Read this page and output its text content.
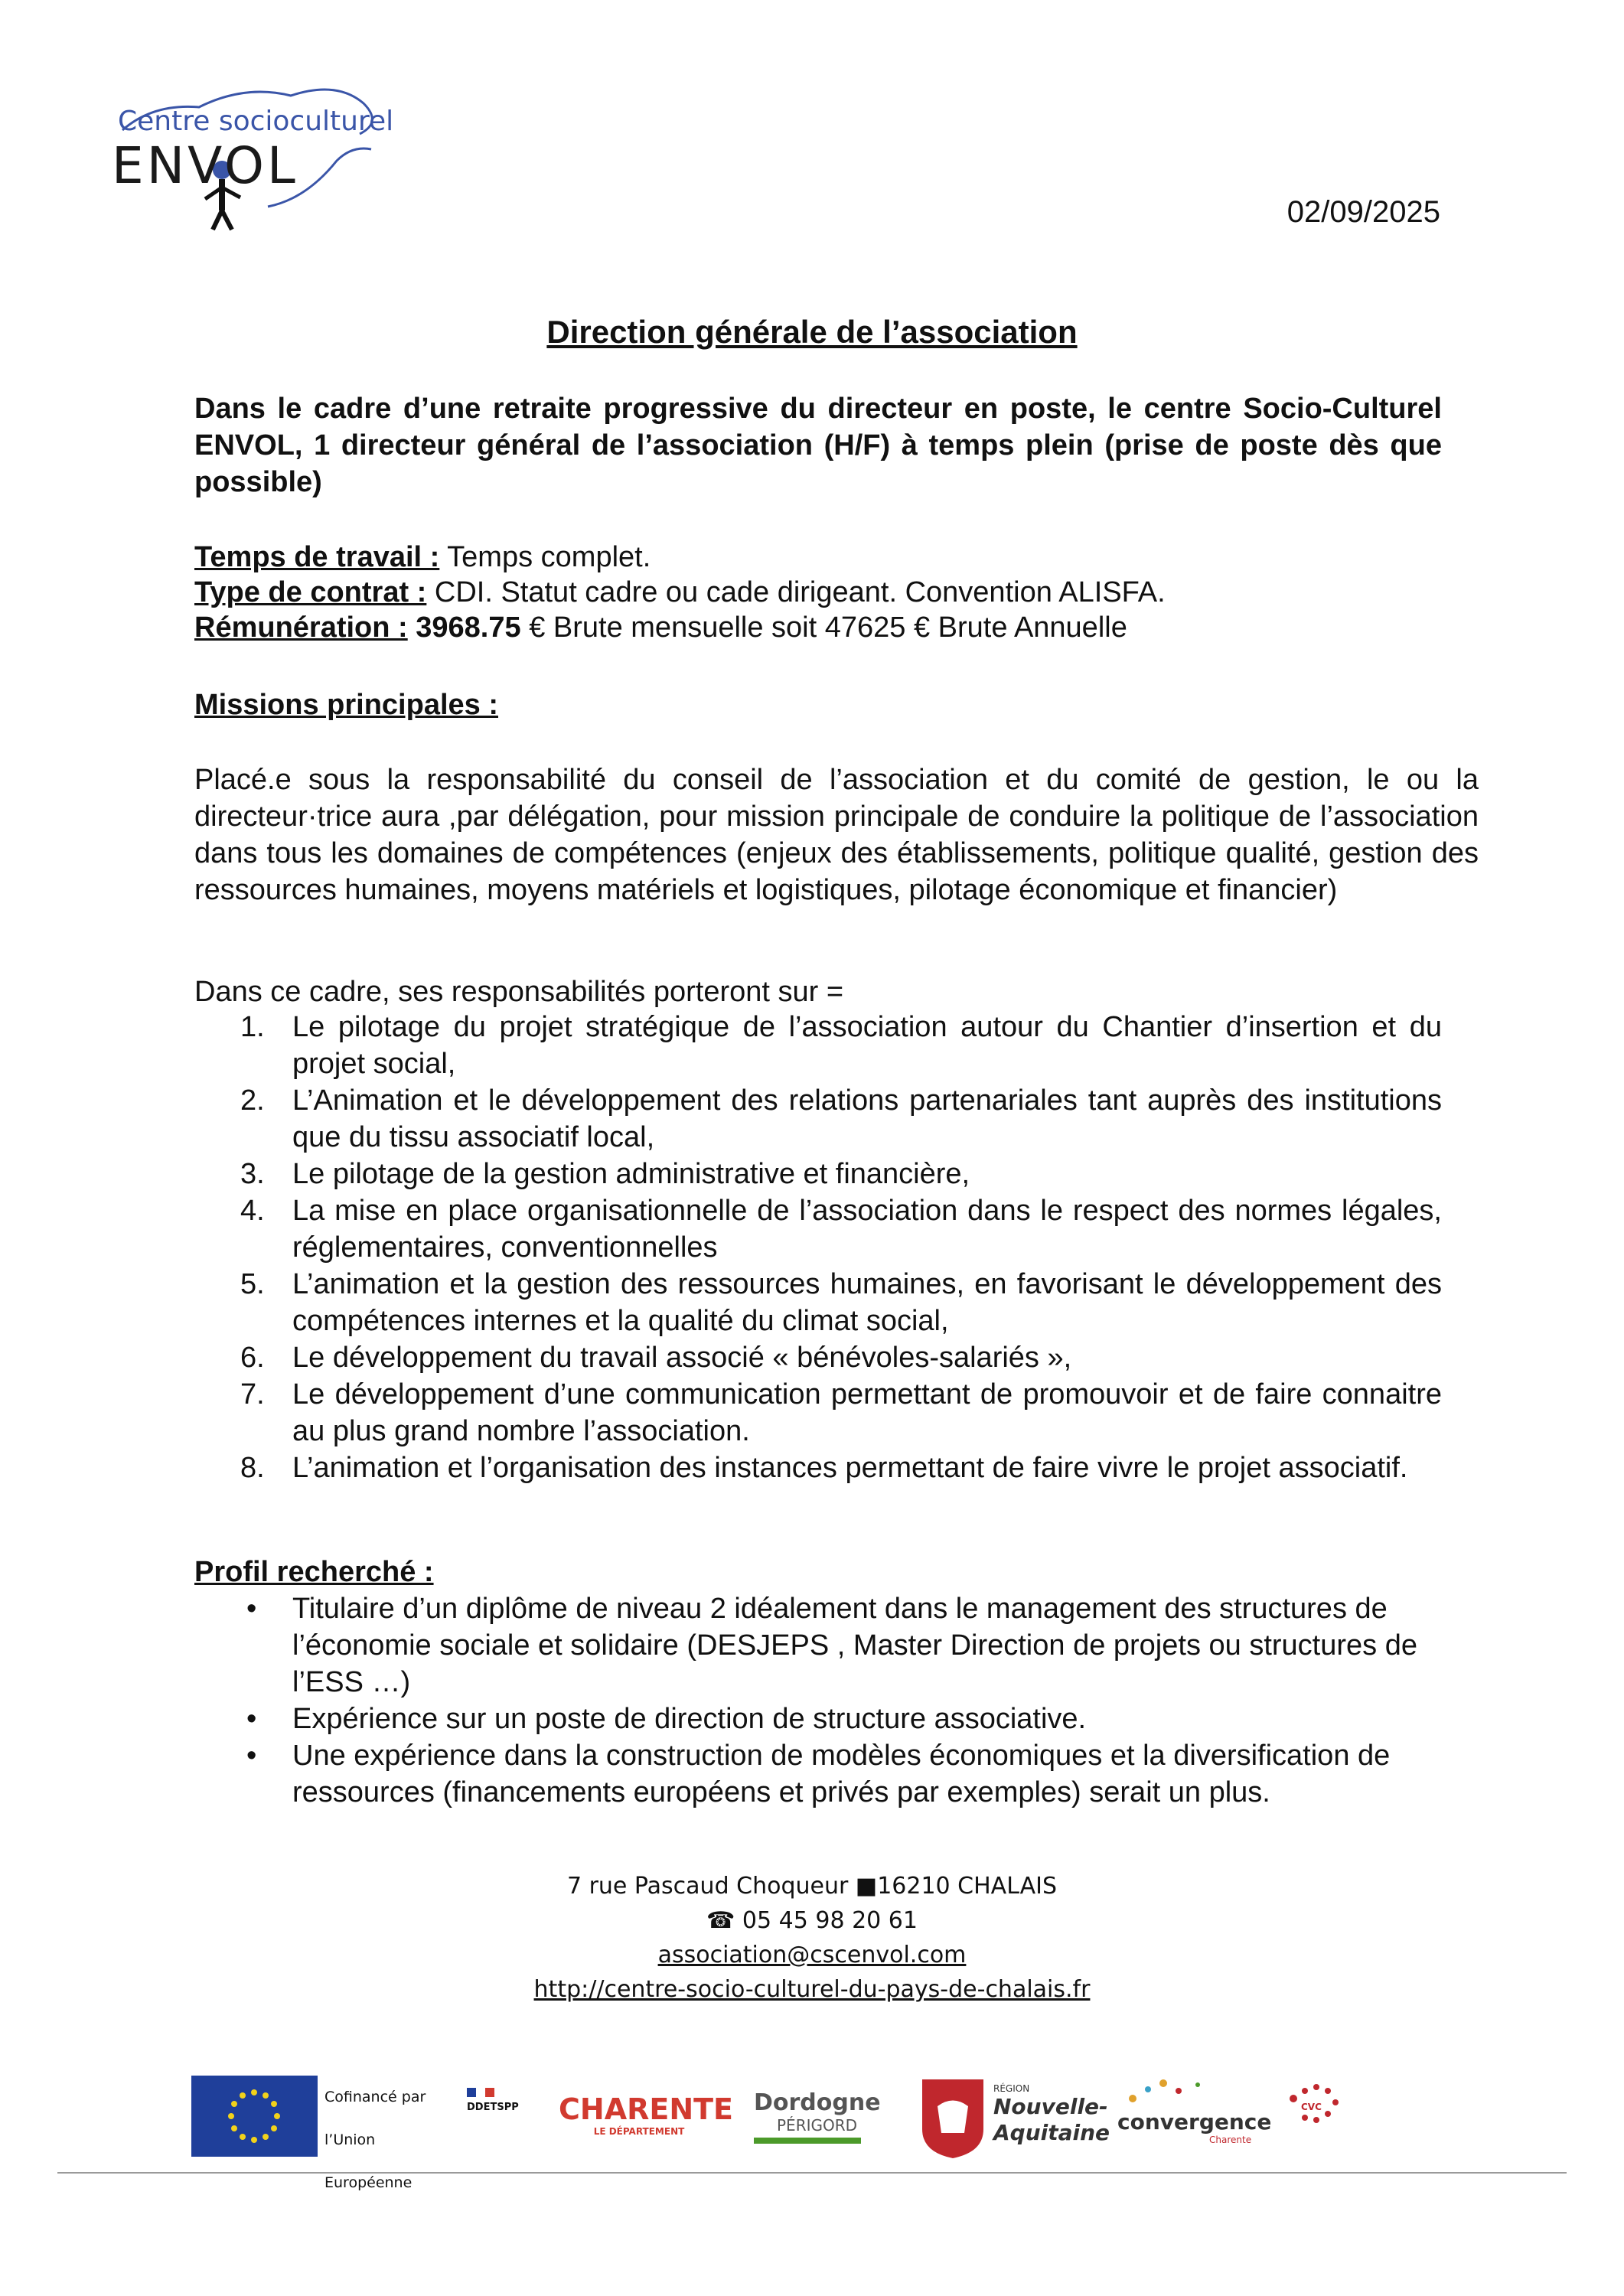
Centre socioculturel
ENVOL
02/09/2025
Direction générale de l’association
Dans le cadre d’une retraite progressive du directeur en poste, le centre Socio-Culturel ENVOL, 1 directeur général de l’association (H/F) à temps plein (prise de poste dès que possible)
Temps de travail : Temps complet.
Type de contrat : CDI. Statut cadre ou cade dirigeant. Convention ALISFA.
Rémunération : 3968.75 € Brute mensuelle soit 47625 € Brute Annuelle
Missions principales :
Placé.e sous la responsabilité du conseil de l’association et du comité de gestion, le ou la directeur·trice aura ,par délégation, pour mission principale de conduire la politique de l’association dans tous les domaines de compétences (enjeux des établissements, politique qualité, gestion des ressources humaines, moyens matériels et logistiques, pilotage économique et financier)
Dans ce cadre, ses responsabilités porteront sur =
1. Le pilotage du projet stratégique de l’association autour du Chantier d’insertion et du projet social,
2. L’Animation et le développement des relations partenariales tant auprès des institutions que du tissu associatif local,
3. Le pilotage de la gestion administrative et financière,
4. La mise en place organisationnelle de l’association dans le respect des normes légales, réglementaires, conventionnelles
5. L’animation et la gestion des ressources humaines, en favorisant le développement des compétences internes et la qualité du climat social,
6. Le développement du travail associé « bénévoles-salariés »,
7. Le développement d’une communication permettant de promouvoir et de faire connaitre au plus grand nombre l’association.
8. L’animation et l’organisation des instances permettant de faire vivre le projet associatif.
Profil recherché :
• Titulaire d’un diplôme de niveau 2 idéalement dans le management des structures de l’économie sociale et solidaire (DESJEPS , Master Direction de projets ou structures de l’ESS …)
• Expérience sur un poste de direction de structure associative.
• Une expérience dans la construction de modèles économiques et la diversification de ressources (financements européens et privés par exemples) serait un plus.
7 rue Pascaud Choqueur ■16210 CHALAIS
☎ 05 45 98 20 61
association@cscenvol.com
http://centre-socio-culturel-du-pays-de-chalais.fr
Cofinancé par
l’Union Européenne
DDETSPP	CHARENTE
LE DÉPARTEMENT
Dordogne
PÉRIGORD
RÉGION
Nouvelle-
Aquitaine convergence
Charente
CVC
